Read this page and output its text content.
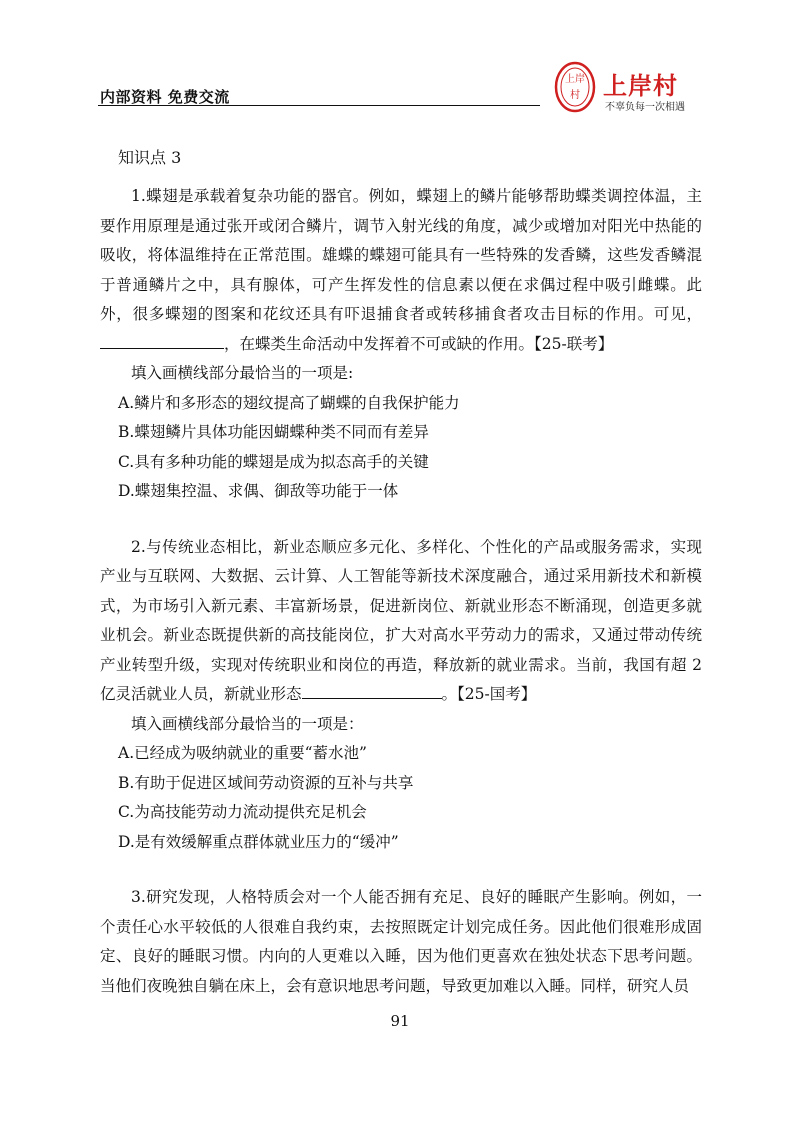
内部资料 免费交流
上岸
村 上岸村
不辜负每一次相遇
知识点 3

1.蝶翅是承载着复杂功能的器官。例如，蝶翅上的鳞片能够帮助蝶类调控体温，主要作用原理是通过张开或闭合鳞片，调节入射光线的角度，减少或增加对阳光中热能的吸收，将体温维持在正常范围。雄蝶的蝶翅可能具有一些特殊的发香鳞，这些发香鳞混于普通鳞片之中，具有腺体，可产生挥发性的信息素以便在求偶过程中吸引雌蝶。此外，很多蝶翅的图案和花纹还具有吓退捕食者或转移捕食者攻击目标的作用。可见，，在蝶类生命活动中发挥着不可或缺的作用。【25-联考】

填入画横线部分最恰当的一项是:

A.鳞片和多形态的翅纹提高了蝴蝶的自我保护能力

B.蝶翅鳞片具体功能因蝴蝶种类不同而有差异

C.具有多种功能的蝶翅是成为拟态高手的关键

D.蝶翅集控温、求偶、御敌等功能于一体

2.与传统业态相比，新业态顺应多元化、多样化、个性化的产品或服务需求，实现产业与互联网、大数据、云计算、人工智能等新技术深度融合，通过采用新技术和新模式，为市场引入新元素、丰富新场景，促进新岗位、新就业形态不断涌现，创造更多就业机会。新业态既提供新的高技能岗位，扩大对高水平劳动力的需求，又通过带动传统产业转型升级，实现对传统职业和岗位的再造，释放新的就业需求。当前，我国有超 2 亿灵活就业人员，新就业形态	。【25-国考】

填入画横线部分最恰当的一项是：

A.已经成为吸纳就业的重要“蓄水池”

B.有助于促进区域间劳动资源的互补与共享

C.为高技能劳动力流动提供充足机会

D.是有效缓解重点群体就业压力的“缓冲”

3.研究发现，人格特质会对一个人能否拥有充足、良好的睡眠产生影响。例如，一个责任心水平较低的人很难自我约束，去按照既定计划完成任务。因此他们很难形成固定、良好的睡眠习惯。内向的人更难以入睡，因为他们更喜欢在独处状态下思考问题。当他们夜晚独自躺在床上，会有意识地思考问题，导致更加难以入睡。同样，研究人员

91
